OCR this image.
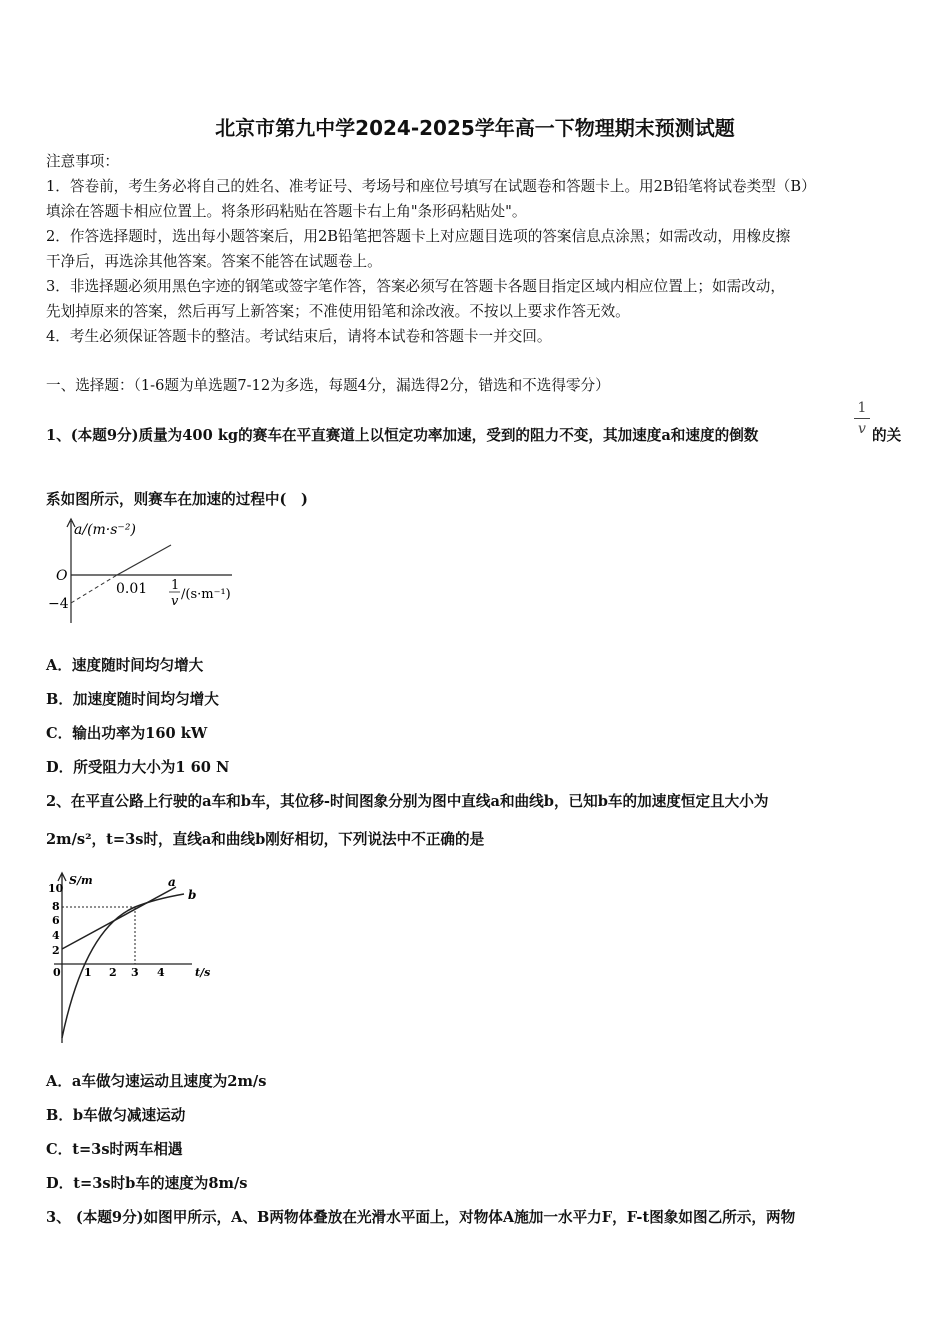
北京市第九中学2024-2025学年高一下物理期末预测试题
注意事项：
1．答卷前，考生务必将自己的姓名、准考证号、考场号和座位号填写在试题卷和答题卡上。用2B铅笔将试卷类型（B）
填涂在答题卡相应位置上。将条形码粘贴在答题卡右上角"条形码粘贴处"。
2．作答选择题时，选出每小题答案后，用2B铅笔把答题卡上对应题目选项的答案信息点涂黑；如需改动，用橡皮擦
干净后，再选涂其他答案。答案不能答在试题卷上。
3．非选择题必须用黑色字迹的钢笔或签字笔作答，答案必须写在答题卡各题目指定区域内相应位置上；如需改动，
先划掉原来的答案，然后再写上新答案；不准使用铅笔和涂改液。不按以上要求作答无效。
4．考生必须保证答题卡的整洁。考试结束后，请将本试卷和答题卡一并交回。
一、选择题：（1-6题为单选题7-12为多选，每题4分，漏选得2分，错选和不选得零分）
1、(本题9分)质量为400 kg的赛车在平直赛道上以恒定功率加速，受到的阻力不变，其加速度a和速度的倒数
1
v 的关
系如图所示，则赛车在加速的过程中(　)
a/(m·s⁻²)
O
−4
0.01 1
v /(s·m⁻¹)
A．速度随时间均匀增大
B．加速度随时间均匀增大
C．输出功率为160 kW
D．所受阻力大小为1 60 N
2、在平直公路上行驶的a车和b车，其位移-时间图象分别为图中直线a和曲线b，已知b车的加速度恒定且大小为
2m/s²，t=3s时，直线a和曲线b刚好相切，下列说法中不正确的是
S/m
t/s
10
8
6
4
2
0 1 2 3 4
a
b
A．a车做匀速运动且速度为2m/s
B．b车做匀减速运动
C．t=3s时两车相遇
D．t=3s时b车的速度为8m/s
3、 (本题9分)如图甲所示，A、B两物体叠放在光滑水平面上，对物体A施加一水平力F，F-t图象如图乙所示，两物
